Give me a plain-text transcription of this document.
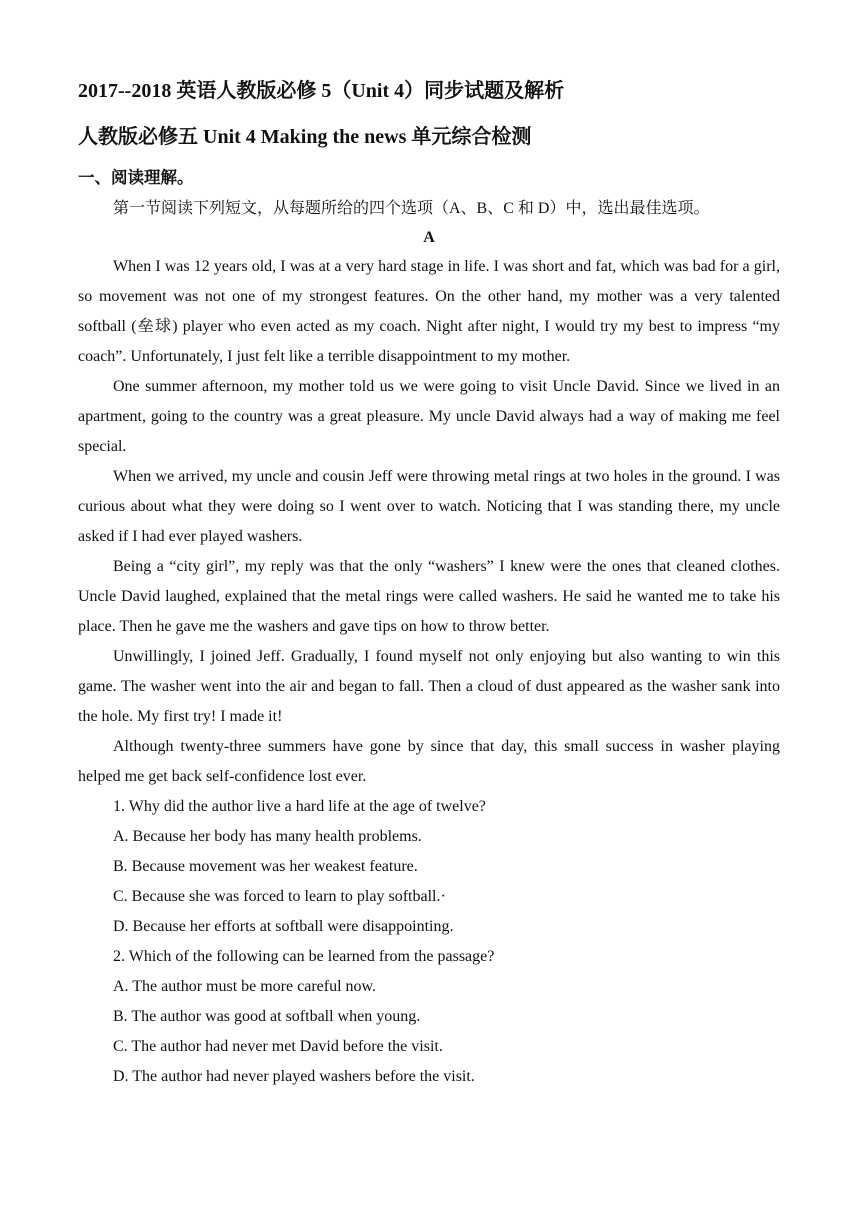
2017--2018 英语人教版必修 5（Unit 4）同步试题及解析
人教版必修五 Unit 4 Making the news 单元综合检测
一、阅读理解。
第一节阅读下列短文，从每题所给的四个选项（A、B、C 和 D）中，选出最佳选项。
A

When I was 12 years old, I was at a very hard stage in life. I was short and fat, which was bad for a girl, so movement was not one of my strongest features. On the other hand, my mother was a very talented softball (垒球) player who even acted as my coach. Night after night, I would try my best to impress “my coach”. Unfortunately, I just felt like a terrible disappointment to my mother.

One summer afternoon, my mother told us we were going to visit Uncle David. Since we lived in an apartment, going to the country was a great pleasure. My uncle David always had a way of making me feel special.

When we arrived, my uncle and cousin Jeff were throwing metal rings at two holes in the ground. I was curious about what they were doing so I went over to watch. Noticing that I was standing there, my uncle asked if I had ever played washers.

Being a “city girl”, my reply was that the only “washers” I knew were the ones that cleaned clothes. Uncle David laughed, explained that the metal rings were called washers. He said he wanted me to take his place. Then he gave me the washers and gave tips on how to throw better.

Unwillingly, I joined Jeff. Gradually, I found myself not only enjoying but also wanting to win this game. The washer went into the air and began to fall. Then a cloud of dust appeared as the washer sank into the hole. My first try! I made it!

Although twenty-three summers have gone by since that day, this small success in washer playing helped me get back self-confidence lost ever.

1. Why did the author live a hard life at the age of twelve?
A. Because her body has many health problems.
B. Because movement was her weakest feature.
C. Because she was forced to learn to play softball.·
D. Because her efforts at softball were disappointing.
2. Which of the following can be learned from the passage?
A. The author must be more careful now.
B. The author was good at softball when young.
C. The author had never met David before the visit.
D. The author had never played washers before the visit.
